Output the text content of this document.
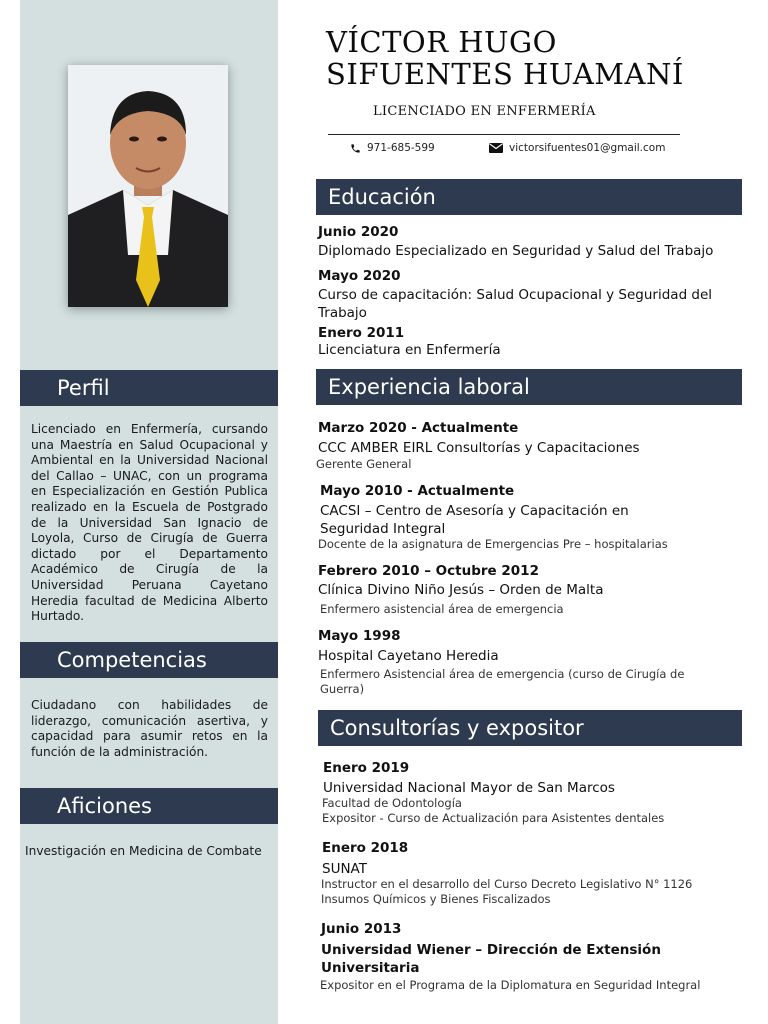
Perfil
Licenciado en Enfermería, cursando una Maestría en Salud Ocupacional y Ambiental en la Universidad Nacional del Callao – UNAC, con un programa en Especialización en Gestión Publica realizado en la Escuela de Postgrado de la Universidad San Ignacio de Loyola, Curso de Cirugía de Guerra dictado por el Departamento Académico de Cirugía de la Universidad Peruana Cayetano Heredia facultad de Medicina Alberto Hurtado.
Competencias
Ciudadano con habilidades de liderazgo, comunicación asertiva, y capacidad para asumir retos en la función de la administración.
Aficiones
Investigación en Medicina de Combate
VÍCTOR HUGO
SIFUENTES HUAMANÍ
LICENCIADO EN ENFERMERÍA
971-685-599	victorsifuentes01@gmail.com
Educación
Junio 2020
Diplomado Especializado en Seguridad y Salud del Trabajo
Mayo 2020
Curso de capacitación: Salud Ocupacional y Seguridad del Trabajo
Enero 2011
Licenciatura en Enfermería
Experiencia laboral
Marzo 2020 - Actualmente
CCC AMBER EIRL Consultorías y Capacitaciones
Gerente General
Mayo 2010 - Actualmente
CACSI – Centro de Asesoría y Capacitación en Seguridad Integral
Docente de la asignatura de Emergencias Pre – hospitalarias
Febrero 2010 – Octubre 2012
Clínica Divino Niño Jesús – Orden de Malta
Enfermero asistencial área de emergencia
Mayo 1998
Hospital Cayetano Heredia
Enfermero Asistencial área de emergencia (curso de Cirugía de Guerra)
Consultorías y expositor
Enero 2019
Universidad Nacional Mayor de San Marcos
Facultad de Odontología
Expositor - Curso de Actualización para Asistentes dentales
Enero 2018
SUNAT
Instructor en el desarrollo del Curso Decreto Legislativo N° 1126
Insumos Químicos y Bienes Fiscalizados
Junio 2013
Universidad Wiener – Dirección de Extensión Universitaria
Expositor en el Programa de la Diplomatura en Seguridad Integral
